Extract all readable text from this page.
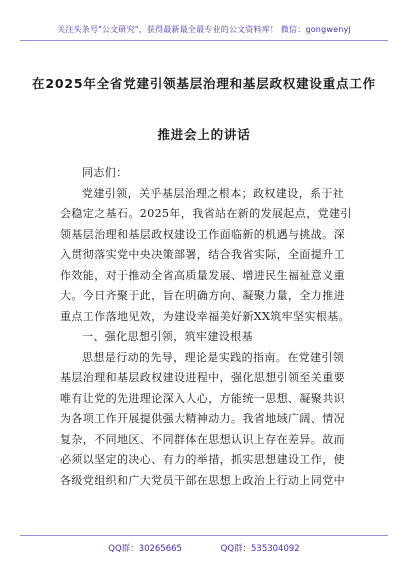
关注头条号"公文研究"，获得最新最全最专业的公文资料库！ 微信：gongwenyj
在2025年全省党建引领基层治理和基层政权建设重点工作
推进会上的讲话
同志们：
党建引领，关乎基层治理之根本；政权建设，系于社
会稳定之基石。2025年，我省站在新的发展起点，党建引
领基层治理和基层政权建设工作面临新的机遇与挑战。深
入贯彻落实党中央决策部署，结合我省实际，全面提升工
作效能，对于推动全省高质量发展、增进民生福祉意义重
大。今日齐聚于此，旨在明确方向、凝聚力量，全力推进
重点工作落地见效，为建设幸福美好新XX筑牢坚实根基。
一、强化思想引领，筑牢建设根基
思想是行动的先导，理论是实践的指南。在党建引领
基层治理和基层政权建设进程中，强化思想引领至关重要
唯有让党的先进理论深入人心，方能统一思想、凝聚共识
为各项工作开展提供强大精神动力。我省地域广阔、情况
复杂，不同地区、不同群体在思想认识上存在差异。故而
必须以坚定的决心、有力的举措，抓实思想建设工作，使
各级党组织和广大党员干部在思想上政治上行动上同党中
QQ群：30265665	QQ群：535304092
